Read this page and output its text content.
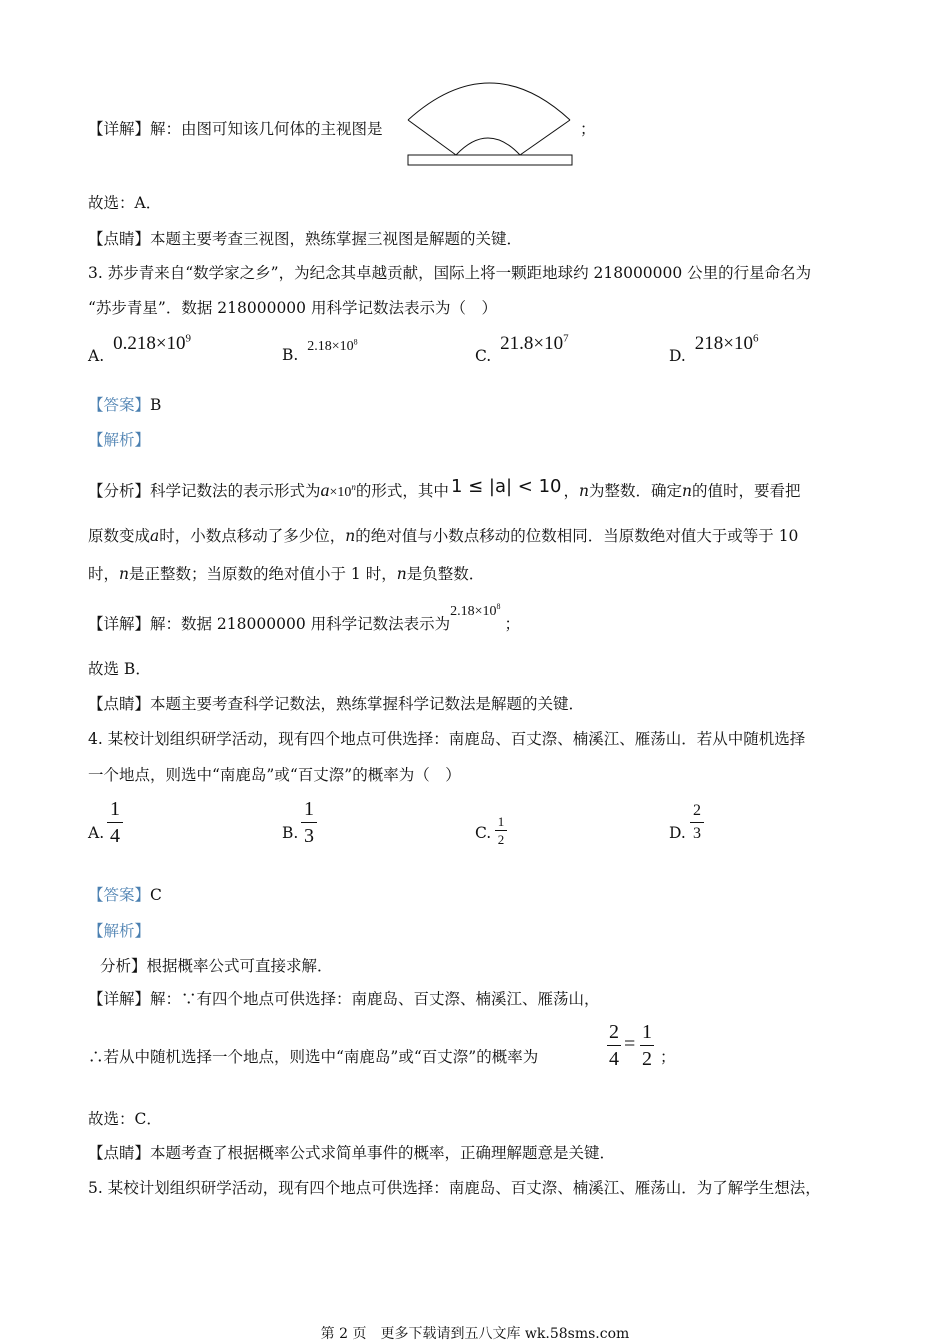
【详解】解：由图可知该几何体的主视图是	；
故选：A．
【点睛】本题主要考查三视图，熟练掌握三视图是解题的关键．
3. 苏步青来自“数学家之乡”，为纪念其卓越贡献，国际上将一颗距地球约 218000000 公里的行星命名为
“苏步青星”．数据 218000000 用科学记数法表示为（　）
A. $0.218\times 10^9$
B. $2.18\times 10^8$
C. $21.8\times 10^7$
D. $218\times 10^6$
【答案】B
【解析】
【分析】科学记数法的表示形式为$a\times 10^n$的形式，其中 1 ≤ |a| < 10 ，n为整数．确定n的值时，要看把
原数变成a时，小数点移动了多少位，n的绝对值与小数点移动的位数相同．当原数绝对值大于或等于 10
时，n是正整数；当原数的绝对值小于 1 时，n是负整数．
【详解】解：数据 218000000 用科学记数法表示为$2.18\times 10^8$；
故选 B．
【点睛】本题主要考查科学记数法，熟练掌握科学记数法是解题的关键．
4. 某校计划组织研学活动，现有四个地点可供选择：南鹿岛、百丈漈、楠溪江、雁荡山．若从中随机选择
一个地点，则选中“南鹿岛”或“百丈漈”的概率为（　）
A.
1
4	B.
1
3	C.
1
2	D.
2
3
【答案】C
【解析】
分析】根据概率公式可直接求解．
【详解】解：∵有四个地点可供选择：南鹿岛、百丈漈、楠溪江、雁荡山，
∴若从中随机选择一个地点，则选中“南鹿岛”或“百丈漈”的概率为
2
4
=
1
2 ；
故选：C．
【点睛】本题考查了根据概率公式求简单事件的概率，正确理解题意是关键．
5. 某校计划组织研学活动，现有四个地点可供选择：南鹿岛、百丈漈、楠溪江、雁荡山．为了解学生想法，
第 2 页　更多下载请到五八文库 wk.58sms.com
